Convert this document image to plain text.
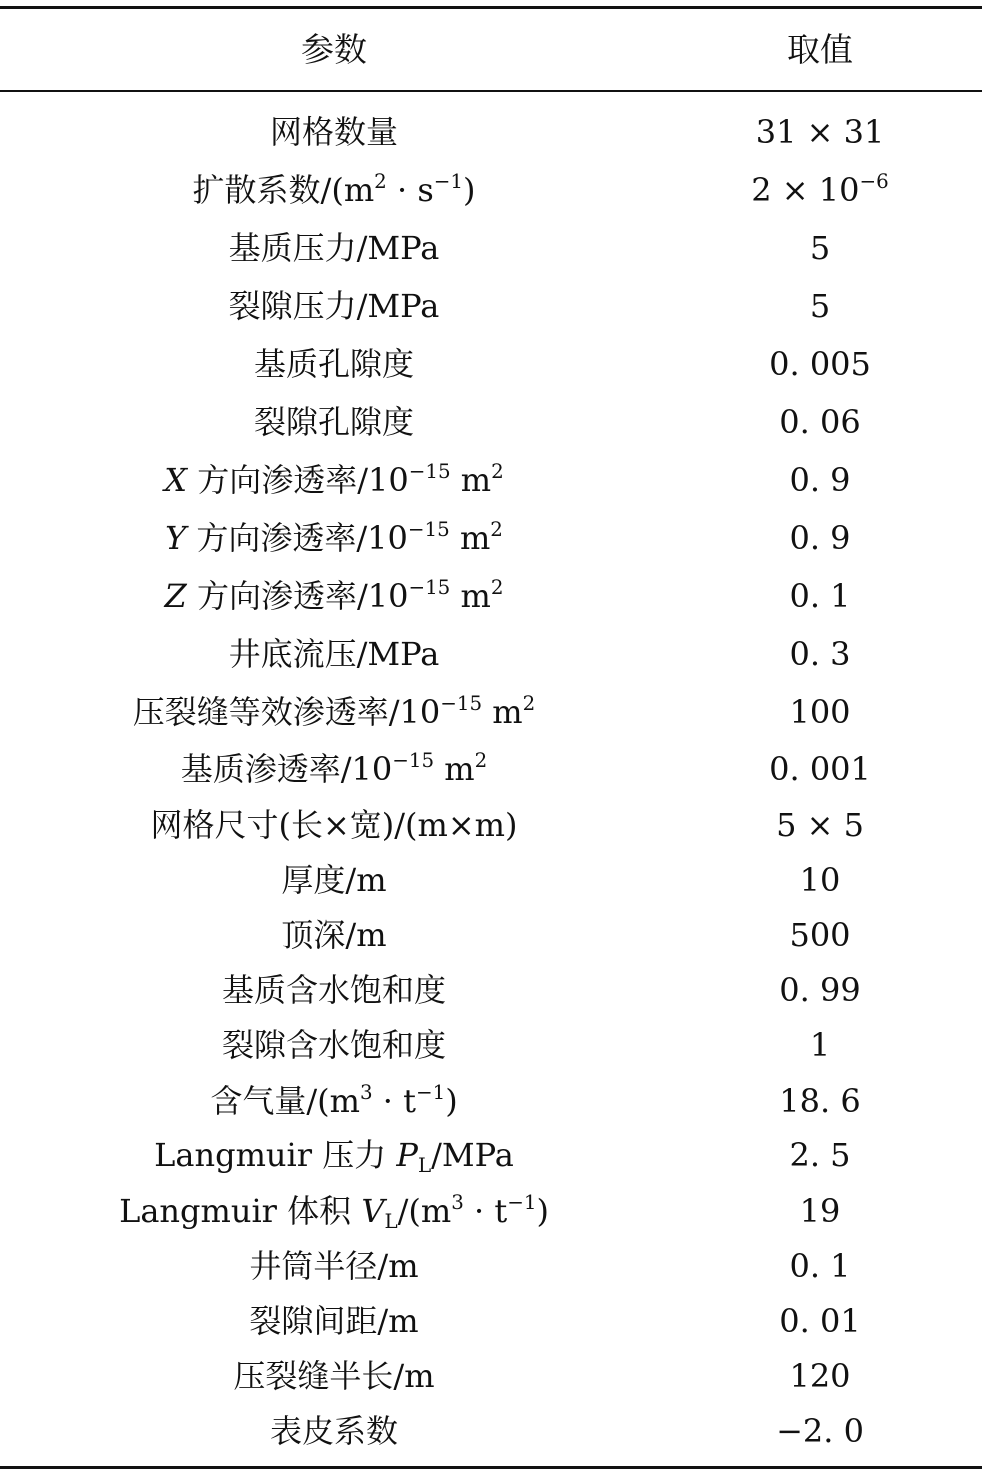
参数	取值
网格数量	31 × 31
扩散系数$/(m^2 \cdot s^{-1})$	$2 \times 10^{-6}$
基质压力/MPa	5
裂隙压力/MPa	5
基质孔隙度	0. 005
裂隙孔隙度	0. 06
X 方向渗透率$/10^{-15}$ $m^2$	0. 9
Y 方向渗透率$/10^{-15}$ $m^2$	0. 9
Z 方向渗透率$/10^{-15}$ $m^2$	0. 1
井底流压/MPa	0. 3
压裂缝等效渗透率$/10^{-15}$ $m^2$	100
基质渗透率$/10^{-15}$ $m^2$	0. 001
网格尺寸(长×宽)/(m×m)	5 × 5
厚度/m	10
顶深/m	500
基质含水饱和度	0. 99
裂隙含水饱和度	1
含气量$/(m^3 \cdot t^{-1})$	18. 6
Langmuir 压力 $P_L$/MPa	2. 5
Langmuir 体积 $V_L/(m^3 \cdot t^{-1})$	19
井筒半径/m	0. 1
裂隙间距/m	0. 01
压裂缝半长/m	120
表皮系数	−2. 0
